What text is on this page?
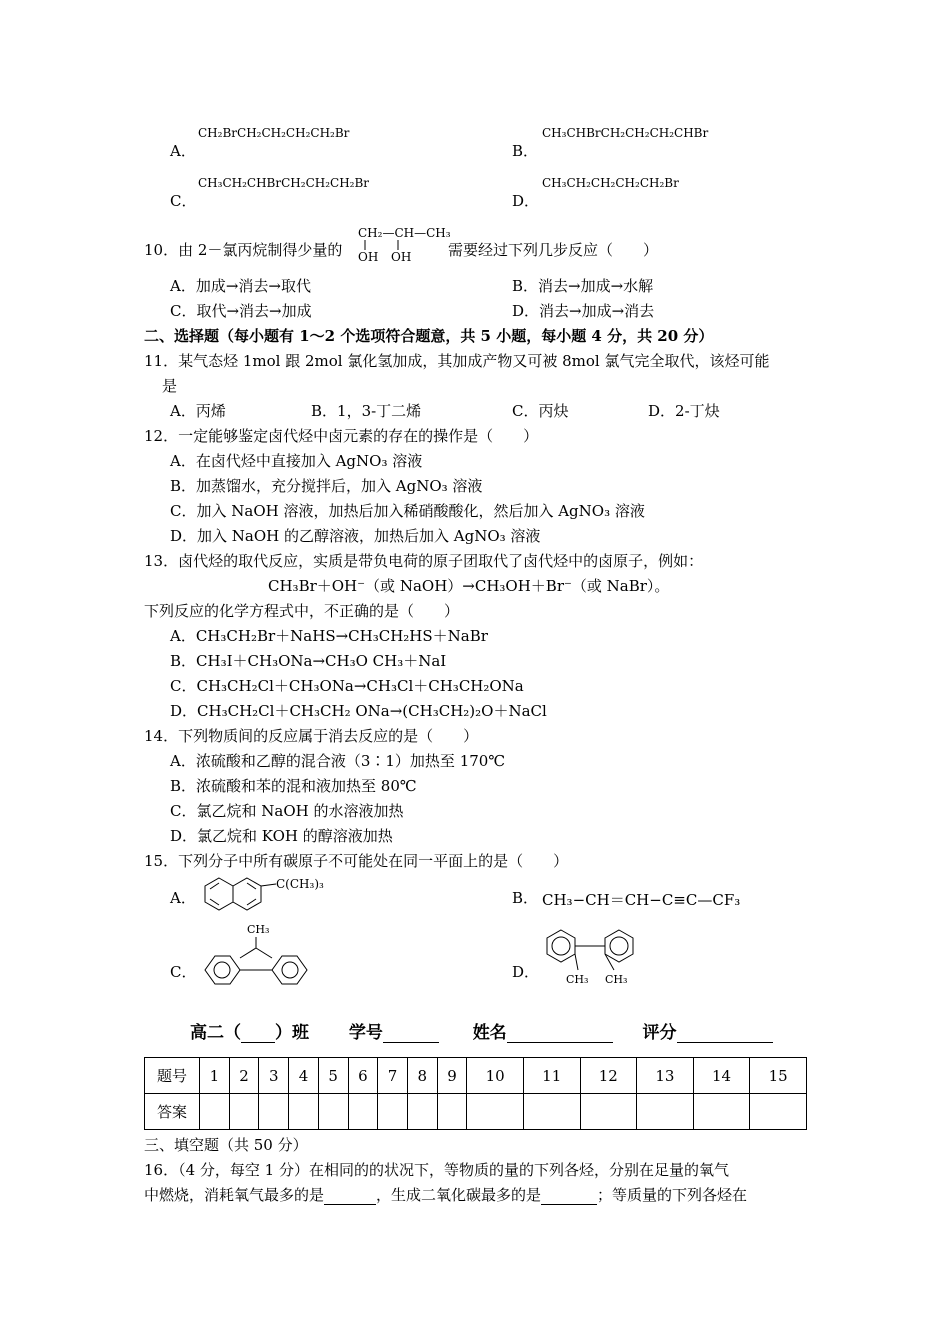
CH₂BrCH₂CH₂CH₂CH₂Br
A．
CH₃CHBrCH₂CH₂CH₂CHBr
B．
CH₃CH₂CHBrCH₂CH₂CH₂Br
C．
CH₃CH₂CH₂CH₂CH₂Br
D．
10．由 2－氯丙烷制得少量的
CH₂—CH—CH₃
OH OH 需要经过下列几步反应（　　）
A．加成→消去→取代	B．消去→加成→水解
C．取代→消去→加成	D．消去→加成→消去
二、选择题（每小题有 1～2 个选项符合题意，共 5 小题，每小题 4 分，共 20 分）
11．某气态烃 1mol 跟 2mol 氯化氢加成，其加成产物又可被 8mol 氯气完全取代，该烃可能
是
A．丙烯	B．1，3-丁二烯	C．丙炔	D．2-丁炔
12．一定能够鉴定卤代烃中卤元素的存在的操作是（　　）
A．在卤代烃中直接加入 AgNO₃ 溶液
B．加蒸馏水，充分搅拌后，加入 AgNO₃ 溶液
C．加入 NaOH 溶液，加热后加入稀硝酸酸化，然后加入 AgNO₃ 溶液
D．加入 NaOH 的乙醇溶液，加热后加入 AgNO₃ 溶液
13．卤代烃的取代反应，实质是带负电荷的原子团取代了卤代烃中的卤原子，例如：
CH₃Br＋OH⁻（或 NaOH）→CH₃OH＋Br⁻（或 NaBr）。
下列反应的化学方程式中，不正确的是（　　）
A．CH₃CH₂Br＋NaHS→CH₃CH₂HS＋NaBr
B．CH₃I＋CH₃ONa→CH₃O CH₃＋NaI
C．CH₃CH₂Cl＋CH₃ONa→CH₃Cl＋CH₃CH₂ONa
D．CH₃CH₂Cl＋CH₃CH₂ ONa→(CH₃CH₂)₂O＋NaCl
14．下列物质间的反应属于消去反应的是（　　）
A．浓硫酸和乙醇的混合液（3∶1）加热至 170℃
B．浓硫酸和苯的混和液加热至 80℃
C．氯乙烷和 NaOH 的水溶液加热
D．氯乙烷和 KOH 的醇溶液加热
15．下列分子中所有碳原子不可能处在同一平面上的是（　　）
A．
C(CH₃)₃
B． CH₃−CH＝CH−C≡C—CF₃
C．
CH₃
D． CH₃ CH₃
高二（ ）班 学号	姓名	评分
题号	1	2	3	4	5	6	7	8	9	10	11	12	13	14	15
答案															
三、填空题（共 50 分）
16．（4 分，每空 1 分）在相同的的状况下，等物质的量的下列各烃，分别在足量的氧气
中燃烧，消耗氧气最多的是	，生成二氧化碳最多的是	；等质量的下列各烃在
